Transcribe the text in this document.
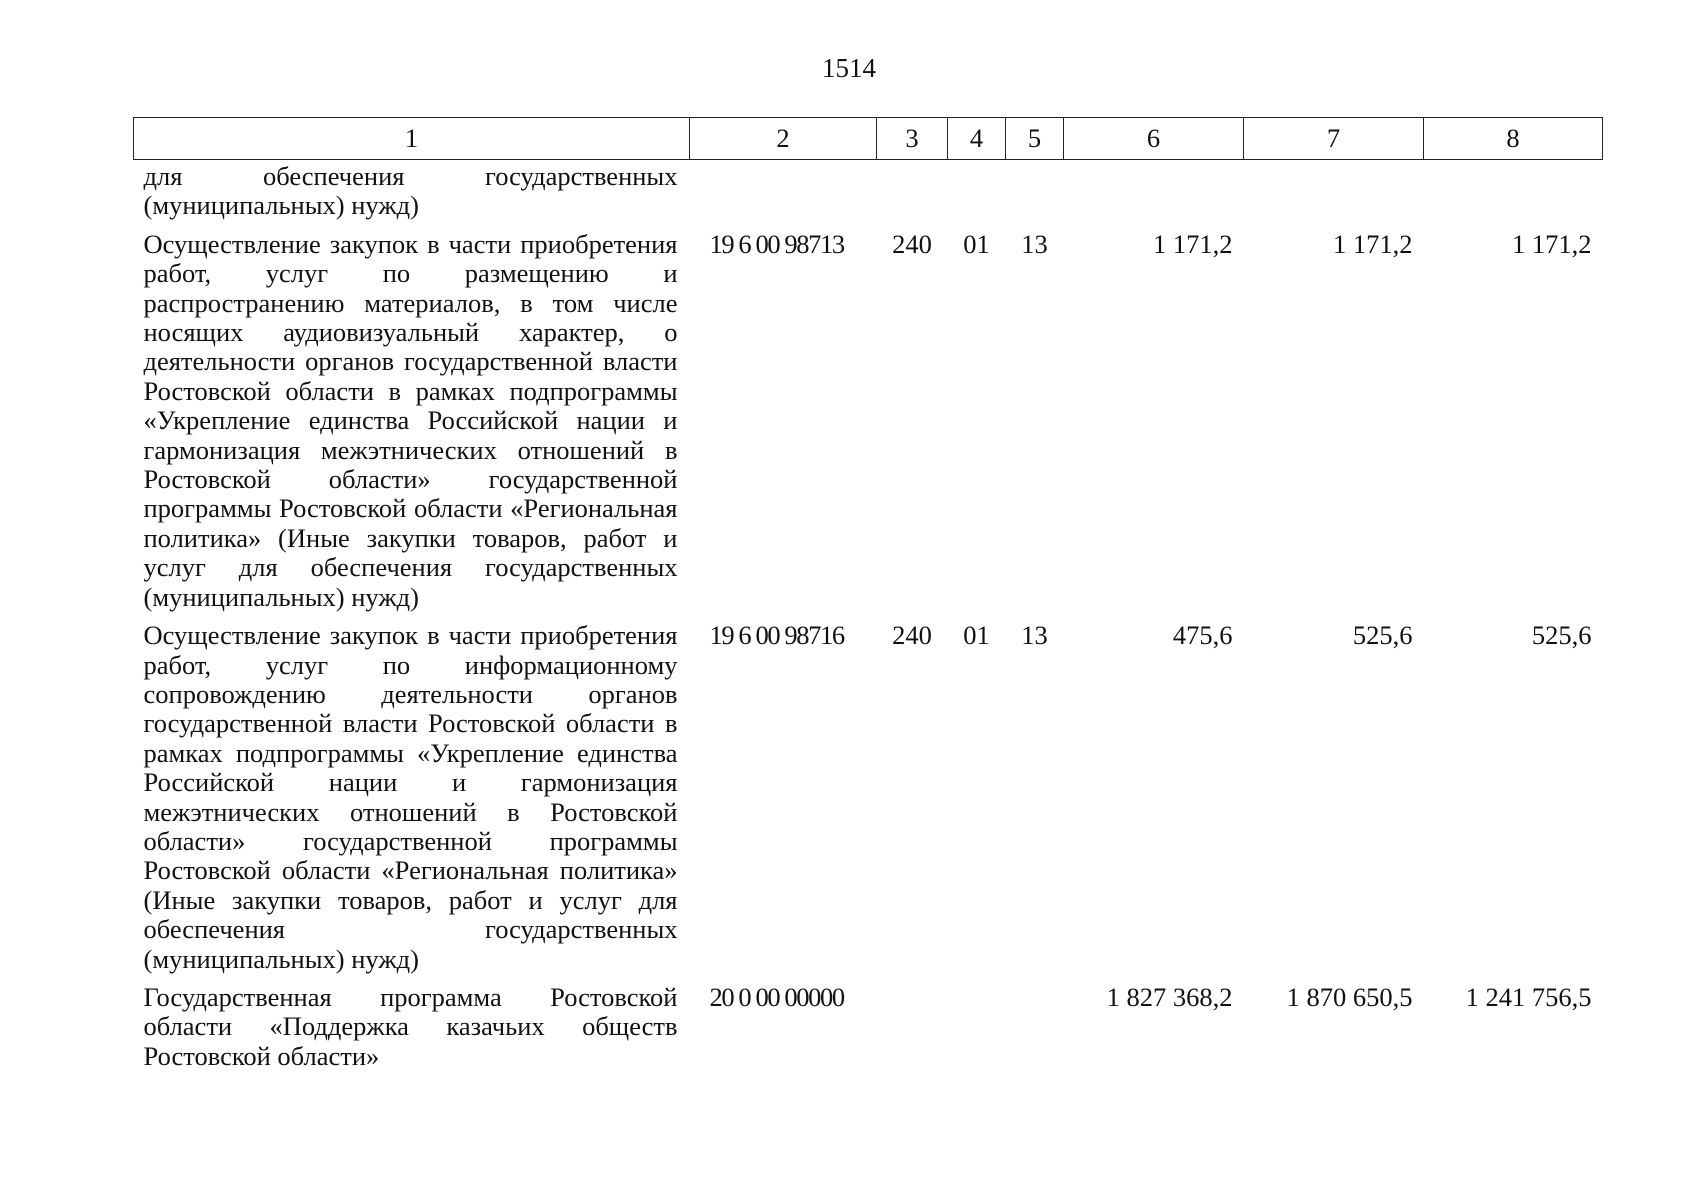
1514
1	2	3	4	5	6	7	8
для обеспечения государственных (муниципальных) нужд)							
Осуществление закупок в части приобретения работ, услуг по размещению и распространению материалов, в том числе носящих аудиовизуальный характер, о деятельности органов государственной власти Ростовской области в рамках подпрограммы «Укрепление единства Российской нации и гармонизация межэтнических отношений в Ростовской области» государственной программы Ростовской области «Региональная политика» (Иные закупки товаров, работ и услуг для обеспечения государственных (муниципальных) нужд)	19 6 00 98713	240	01	13	1 171,2	1 171,2	1 171,2
Осуществление закупок в части приобретения работ, услуг по информационному сопровождению деятельности органов государственной власти Ростовской области в рамках подпрограммы «Укрепление единства Российской нации и гармонизация межэтнических отношений в Ростовской области» государственной программы Ростовской области «Региональная политика» (Иные закупки товаров, работ и услуг для обеспечения государственных (муниципальных) нужд)	19 6 00 98716	240	01	13	475,6	525,6	525,6
Государственная программа Ростовской области «Поддержка казачьих обществ Ростовской области»	20 0 00 00000				1 827 368,2	1 870 650,5	1 241 756,5
